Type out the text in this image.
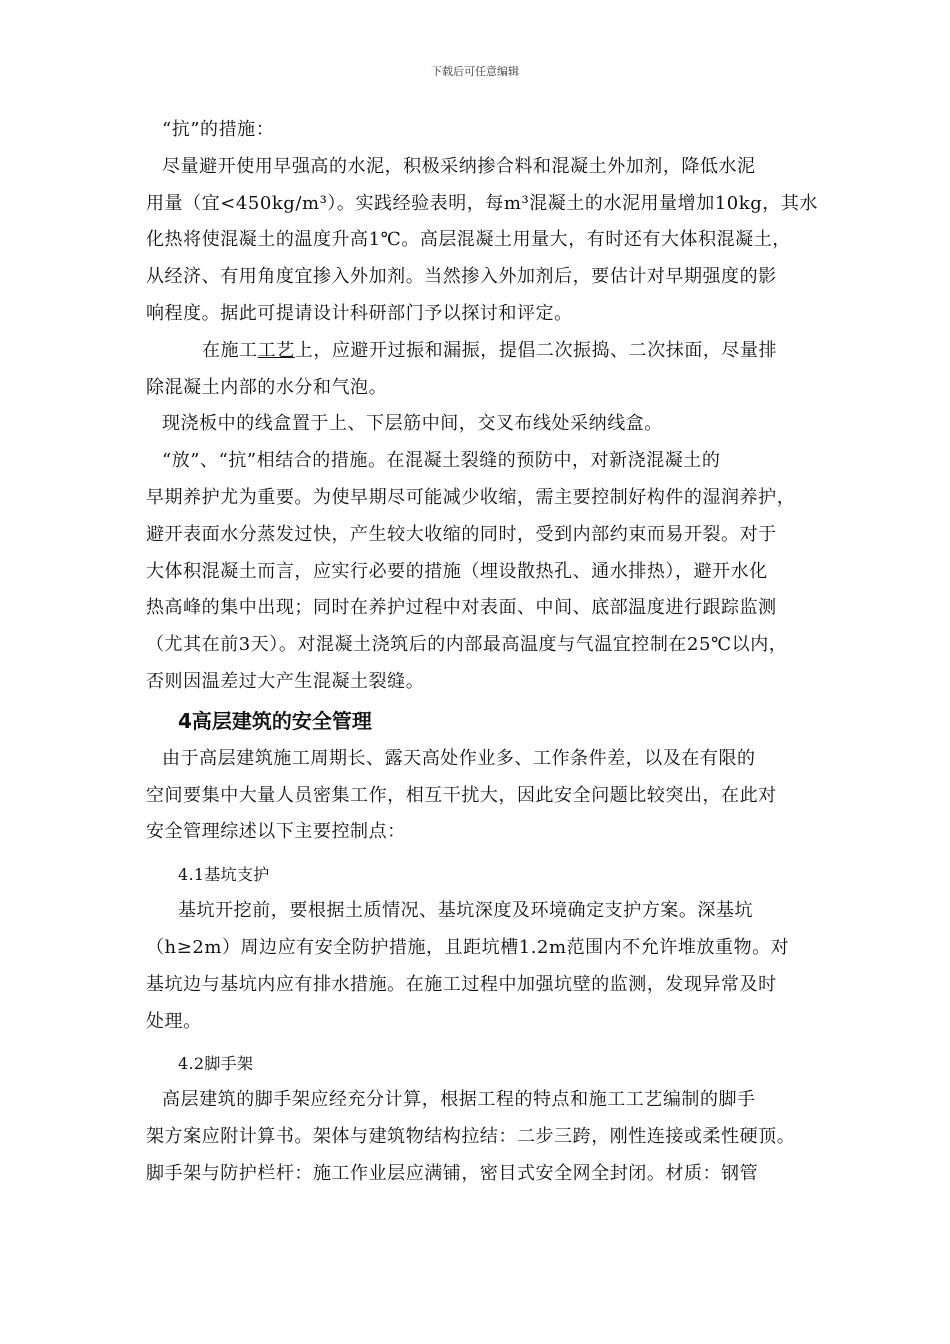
下载后可任意编辑
“抗”的措施：
尽量避开使用早强高的水泥，积极采纳掺合料和混凝土外加剂，降低水泥
用量（宜<450kg/m³）。实践经验表明，每m³混凝土的水泥用量增加10kg，其水
化热将使混凝土的温度升高1℃。高层混凝土用量大，有时还有大体积混凝土，
从经济、有用角度宜掺入外加剂。当然掺入外加剂后，要估计对早期强度的影
响程度。据此可提请设计科研部门予以探讨和评定。
在施工工艺上，应避开过振和漏振，提倡二次振捣、二次抹面，尽量排
除混凝土内部的水分和气泡。
现浇板中的线盒置于上、下层筋中间，交叉布线处采纳线盒。
“放”、“抗”相结合的措施。在混凝土裂缝的预防中，对新浇混凝土的
早期养护尤为重要。为使早期尽可能减少收缩，需主要控制好构件的湿润养护，
避开表面水分蒸发过快，产生较大收缩的同时，受到内部约束而易开裂。对于
大体积混凝土而言，应实行必要的措施（埋设散热孔、通水排热），避开水化
热高峰的集中出现；同时在养护过程中对表面、中间、底部温度进行跟踪监测
（尤其在前3天）。对混凝土浇筑后的内部最高温度与气温宜控制在25℃以内，
否则因温差过大产生混凝土裂缝。
4高层建筑的安全管理
由于高层建筑施工周期长、露天高处作业多、工作条件差，以及在有限的
空间要集中大量人员密集工作，相互干扰大，因此安全问题比较突出，在此对
安全管理综述以下主要控制点：
4.1基坑支护
基坑开挖前，要根据土质情况、基坑深度及环境确定支护方案。深基坑
（h≥2m）周边应有安全防护措施，且距坑槽1.2m范围内不允许堆放重物。对
基坑边与基坑内应有排水措施。在施工过程中加强坑壁的监测，发现异常及时
处理。
4.2脚手架
高层建筑的脚手架应经充分计算，根据工程的特点和施工工艺编制的脚手
架方案应附计算书。架体与建筑物结构拉结：二步三跨，刚性连接或柔性硬顶。
脚手架与防护栏杆：施工作业层应满铺，密目式安全网全封闭。材质：钢管
